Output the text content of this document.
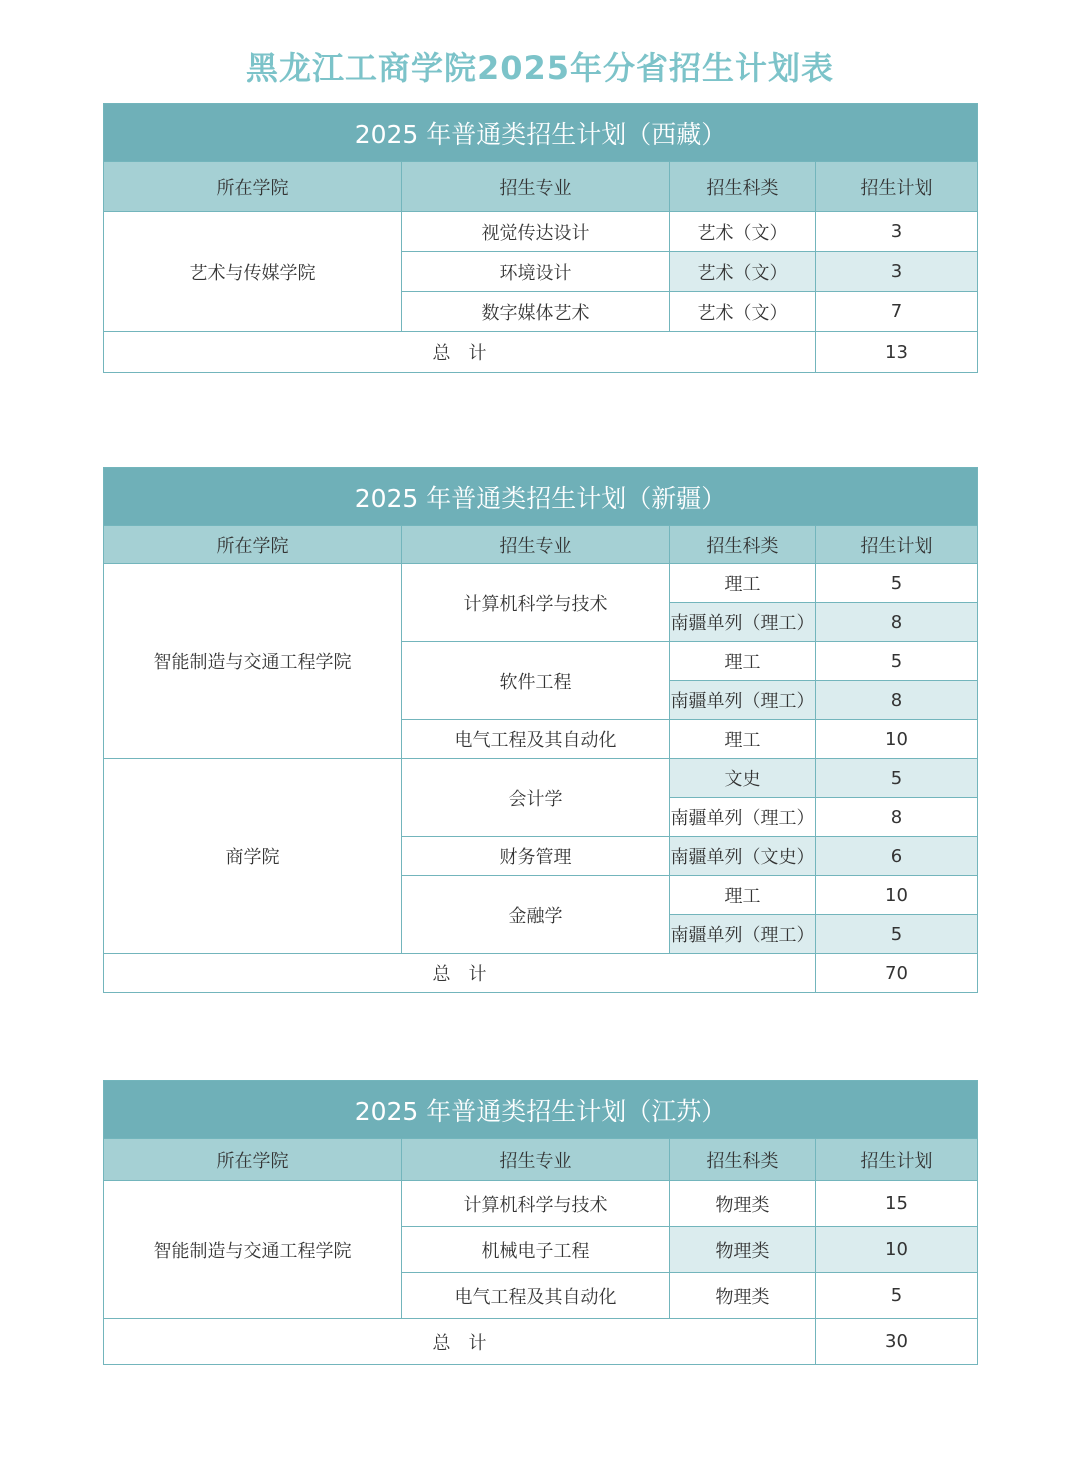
黑龙江工商学院2025年分省招生计划表
2025 年普通类招生计划（西藏）			
所在学院	招生专业	招生科类	招生计划
艺术与传媒学院	视觉传达设计	艺术（文）	3
	环境设计	艺术（文）	3
	数字媒体艺术	艺术（文）	7
总　计			13
2025 年普通类招生计划（新疆）			
所在学院	招生专业	招生科类	招生计划
智能制造与交通工程学院	计算机科学与技术	理工	5
		南疆单列（理工）	8
	软件工程	理工	5
		南疆单列（理工）	8
	电气工程及其自动化	理工	10
商学院	会计学	文史	5
		南疆单列（理工）	8
	财务管理	南疆单列（文史）	6
	金融学	理工	10
		南疆单列（理工）	5
总　计			70
2025 年普通类招生计划（江苏）			
所在学院	招生专业	招生科类	招生计划
智能制造与交通工程学院	计算机科学与技术	物理类	15
	机械电子工程	物理类	10
	电气工程及其自动化	物理类	5
总　计			30
